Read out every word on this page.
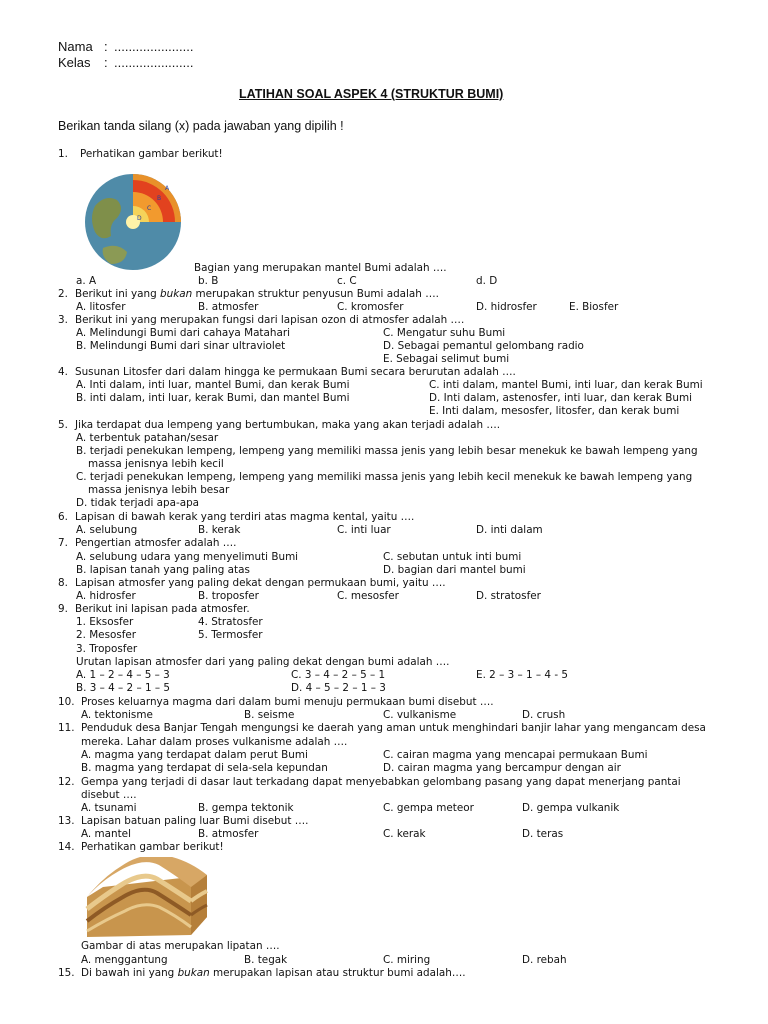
Nama : ......................
Kelas : ......................
LATIHAN SOAL ASPEK 4 (STRUKTUR BUMI)
Berikan tanda silang (x) pada jawaban yang dipilih !
1. Perhatikan gambar berikut!
A
B
C
D
Bagian yang merupakan mantel Bumi adalah ….
a. A	b. B	c. C	d. D
2. Berikut ini yang bukan merupakan struktur penyusun Bumi adalah ….
A. litosfer	B. atmosfer	C. kromosfer	D. hidrosfer	E. Biosfer
3. Berikut ini yang merupakan fungsi dari lapisan ozon di atmosfer adalah ….
A. Melindungi Bumi dari cahaya Matahari	C. Mengatur suhu Bumi
B. Melindungi Bumi dari sinar ultraviolet	D. Sebagai pemantul gelombang radio
E. Sebagai selimut bumi
4. Susunan Litosfer dari dalam hingga ke permukaan Bumi secara berurutan adalah ….
A. Inti dalam, inti luar, mantel Bumi, dan kerak Bumi	C. inti dalam, mantel Bumi, inti luar, dan kerak Bumi
B. inti dalam, inti luar, kerak Bumi, dan mantel Bumi	D. Inti dalam, astenosfer, inti luar, dan kerak Bumi
E. Inti dalam, mesosfer, litosfer, dan kerak bumi
5. Jika terdapat dua lempeng yang bertumbukan, maka yang akan terjadi adalah ….
A. terbentuk patahan/sesar
B. terjadi penekukan lempeng, lempeng yang memiliki massa jenis yang lebih besar menekuk ke bawah lempeng yang
massa jenisnya lebih kecil
C. terjadi penekukan lempeng, lempeng yang memiliki massa jenis yang lebih kecil menekuk ke bawah lempeng yang
massa jenisnya lebih besar
D. tidak terjadi apa-apa
6. Lapisan di bawah kerak yang terdiri atas magma kental, yaitu ….
A. selubung	B. kerak	C. inti luar	D. inti dalam
7. Pengertian atmosfer adalah ….
A. selubung udara yang menyelimuti Bumi	C. sebutan untuk inti bumi
B. lapisan tanah yang paling atas	D. bagian dari mantel bumi
8. Lapisan atmosfer yang paling dekat dengan permukaan bumi, yaitu ….
A. hidrosfer	B. troposfer	C. mesosfer	D. stratosfer
9. Berikut ini lapisan pada atmosfer.
1. Eksosfer	4. Stratosfer
2. Mesosfer	5. Termosfer
3. Troposfer
Urutan lapisan atmosfer dari yang paling dekat dengan bumi adalah ….
A. 1 – 2 – 4 – 5 – 3	C. 3 – 4 – 2 – 5 – 1	E. 2 – 3 – 1 – 4 - 5
B. 3 – 4 – 2 – 1 – 5	D. 4 – 5 – 2 – 1 – 3
10. Proses keluarnya magma dari dalam bumi menuju permukaan bumi disebut ….
A. tektonisme	B. seisme	C. vulkanisme	D. crush
11. Penduduk desa Banjar Tengah mengungsi ke daerah yang aman untuk menghindari banjir lahar yang mengancam desa
mereka. Lahar dalam proses vulkanisme adalah ….
A. magma yang terdapat dalam perut Bumi	C. cairan magma yang mencapai permukaan Bumi
B. magma yang terdapat di sela-sela kepundan	D. cairan magma yang bercampur dengan air
12. Gempa yang terjadi di dasar laut terkadang dapat menyebabkan gelombang pasang yang dapat menerjang pantai
disebut ….
A. tsunami	B. gempa tektonik	C. gempa meteor	D. gempa vulkanik
13. Lapisan batuan paling luar Bumi disebut ….
A. mantel	B. atmosfer	C. kerak	D. teras
14. Perhatikan gambar berikut!
Gambar di atas merupakan lipatan ….
A. menggantung	B. tegak	C. miring	D. rebah
15. Di bawah ini yang bukan merupakan lapisan atau struktur bumi adalah….
